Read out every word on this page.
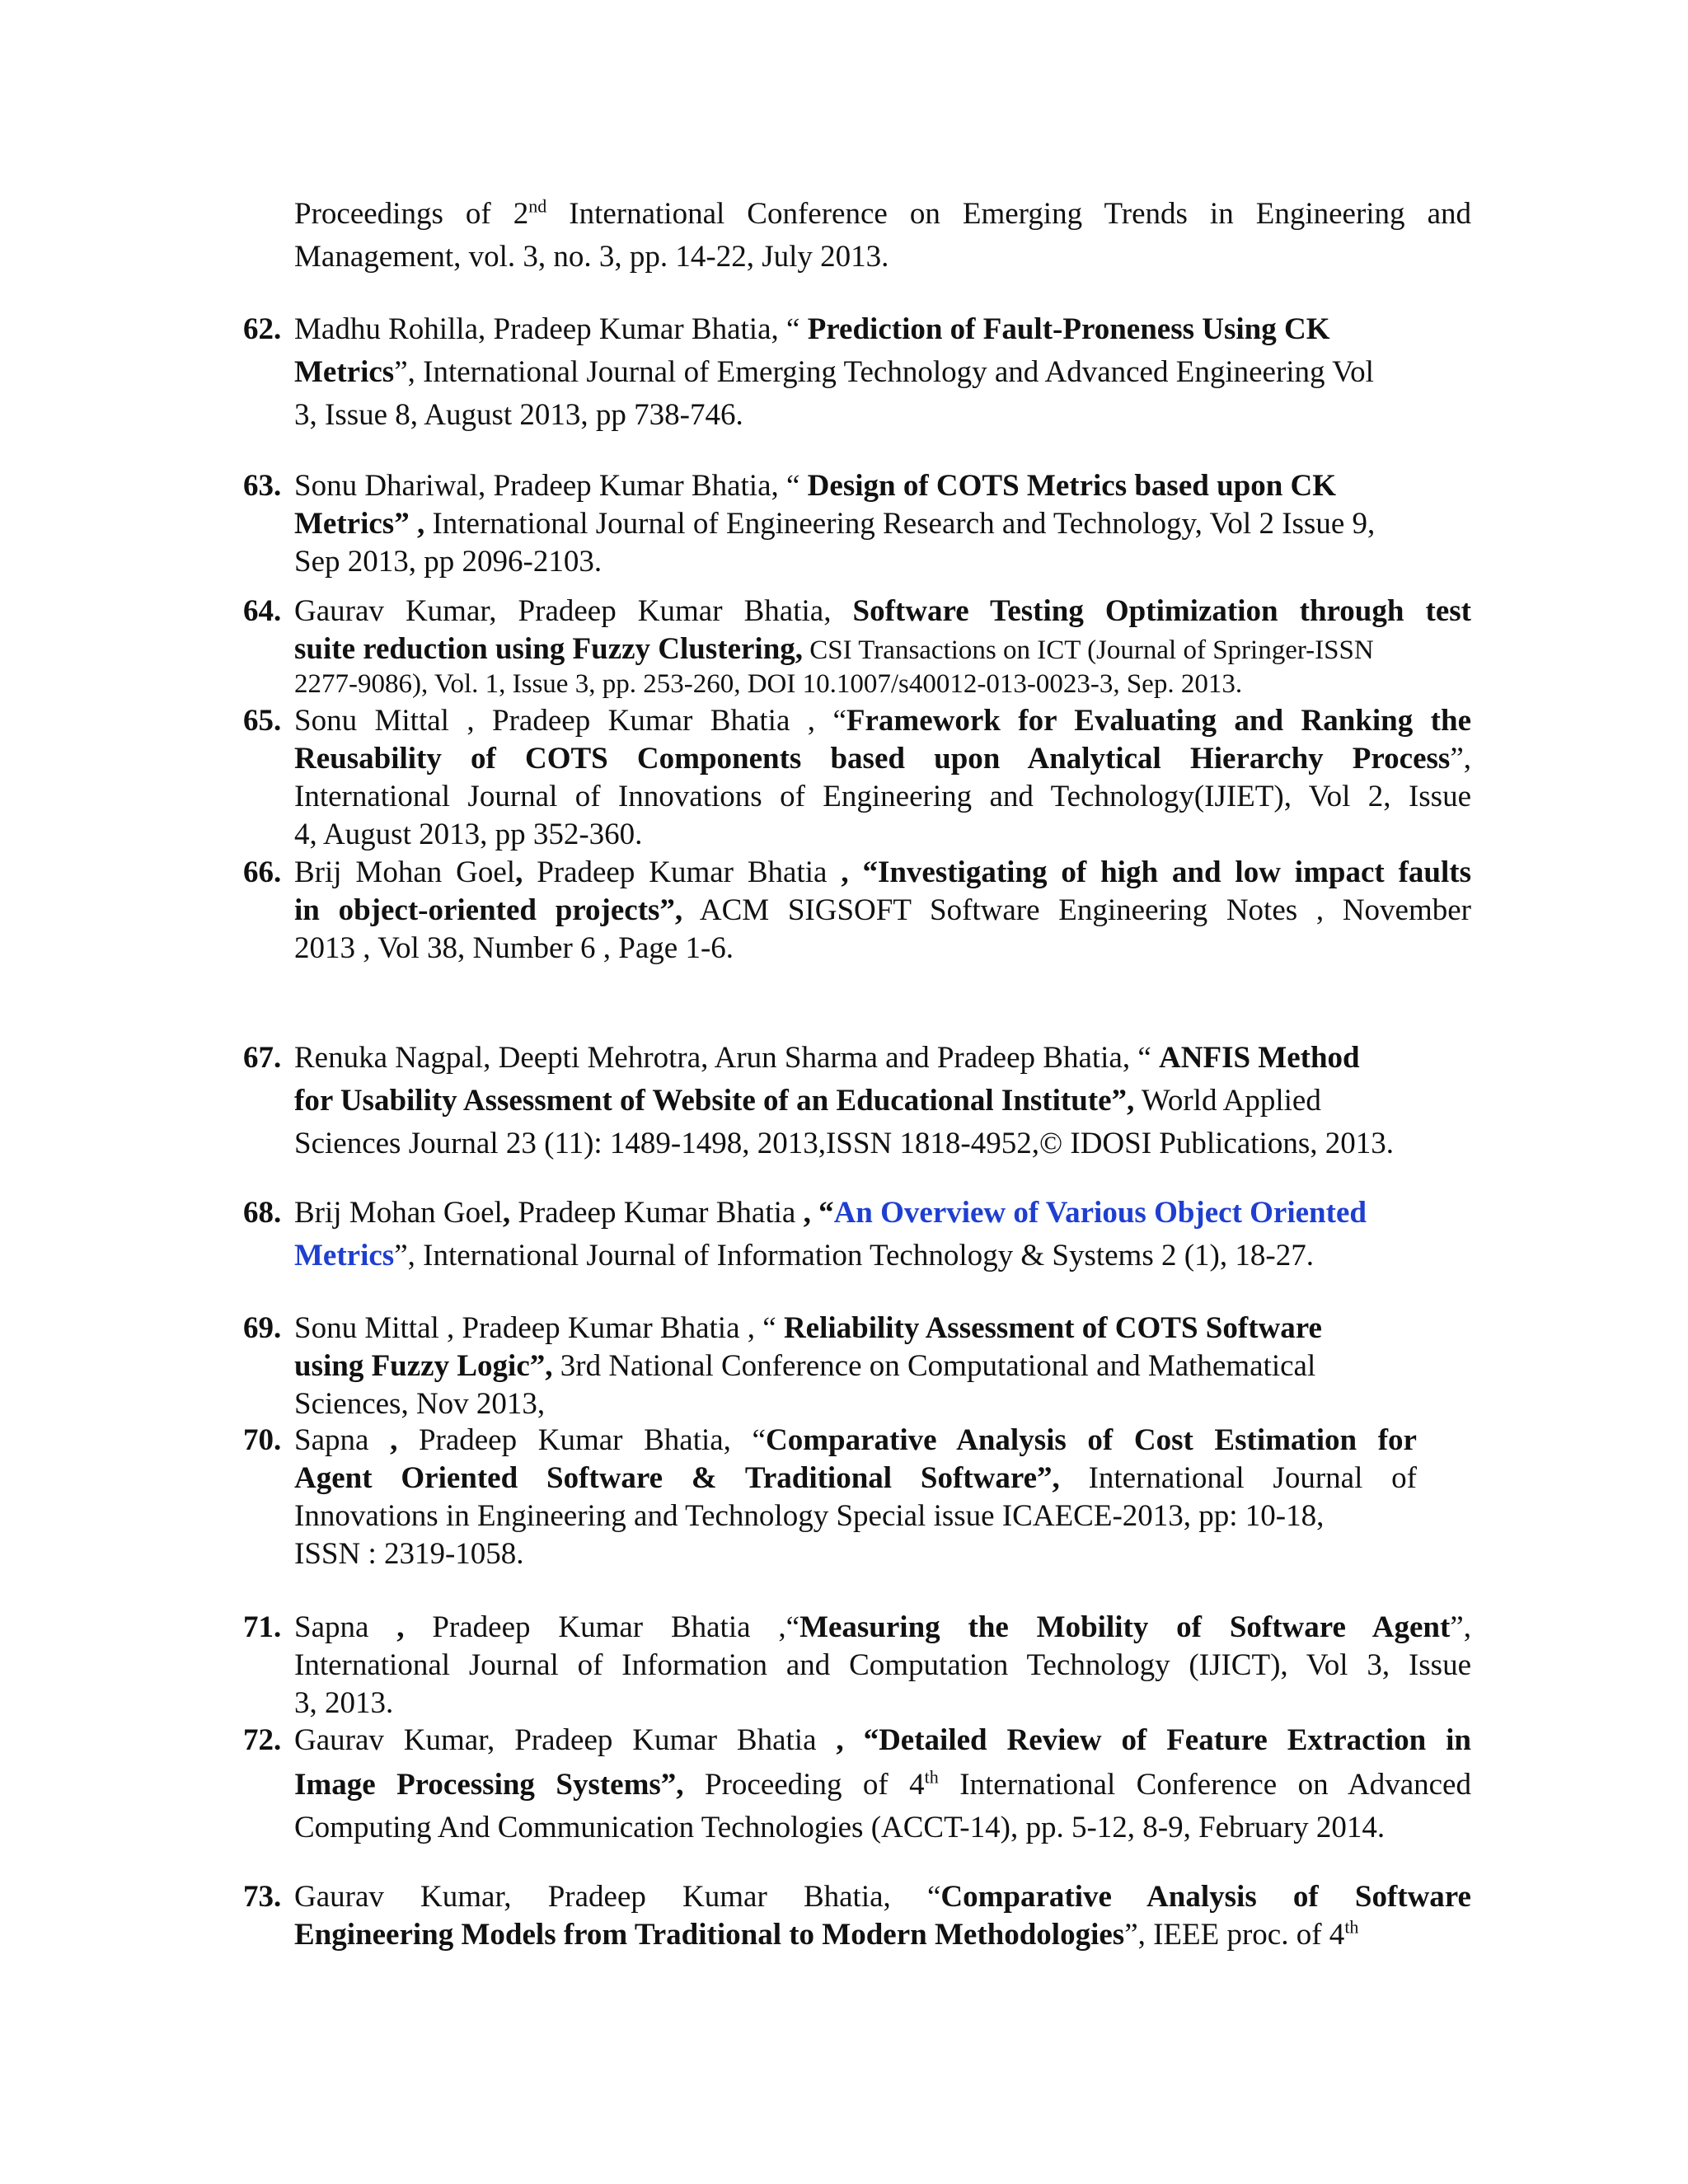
Proceedings of 2nd International Conference on Emerging Trends in Engineering and
Management, vol. 3, no. 3, pp. 14-22, July 2013.
62. Madhu Rohilla, Pradeep Kumar Bhatia, “ Prediction of Fault-Proneness Using CK
Metrics”, International Journal of Emerging Technology and Advanced Engineering Vol
3, Issue 8, August 2013, pp 738-746.
63. Sonu Dhariwal, Pradeep Kumar Bhatia, “ Design of COTS Metrics based upon CK
Metrics” , International Journal of Engineering Research and Technology, Vol 2 Issue 9,
Sep 2013, pp 2096-2103.
64. Gaurav Kumar, Pradeep Kumar Bhatia, Software Testing Optimization through test
suite reduction using Fuzzy Clustering, CSI Transactions on ICT (Journal of Springer-ISSN
2277-9086), Vol. 1, Issue 3, pp. 253-260, DOI 10.1007/s40012-013-0023-3, Sep. 2013.
65. Sonu Mittal , Pradeep Kumar Bhatia , “Framework for Evaluating and Ranking the
Reusability of COTS Components based upon Analytical Hierarchy Process”,
International Journal of Innovations of Engineering and Technology(IJIET), Vol 2, Issue
4, August 2013, pp 352-360.
66. Brij Mohan Goel, Pradeep Kumar Bhatia , “Investigating of high and low impact faults
in object-oriented projects”, ACM SIGSOFT Software Engineering Notes , November
2013 , Vol 38, Number 6 , Page 1-6.
67. Renuka Nagpal, Deepti Mehrotra, Arun Sharma and Pradeep Bhatia, “ ANFIS Method
for Usability Assessment of Website of an Educational Institute”, World Applied
Sciences Journal 23 (11): 1489-1498, 2013,ISSN 1818-4952,© IDOSI Publications, 2013.
68. Brij Mohan Goel, Pradeep Kumar Bhatia , “An Overview of Various Object Oriented
Metrics”, International Journal of Information Technology & Systems 2 (1), 18-27.
69. Sonu Mittal , Pradeep Kumar Bhatia , “ Reliability Assessment of COTS Software
using Fuzzy Logic”, 3rd National Conference on Computational and Mathematical
Sciences, Nov 2013,
70. Sapna , Pradeep Kumar Bhatia, “Comparative Analysis of Cost Estimation for
Agent Oriented Software & Traditional Software”, International Journal of
Innovations in Engineering and Technology Special issue ICAECE-2013, pp: 10-18,
ISSN : 2319-1058.
71. Sapna , Pradeep Kumar Bhatia ,“Measuring the Mobility of Software Agent”,
International Journal of Information and Computation Technology (IJICT), Vol 3, Issue
3, 2013.
72. Gaurav Kumar, Pradeep Kumar Bhatia , “Detailed Review of Feature Extraction in
Image Processing Systems”, Proceeding of 4th International Conference on Advanced
Computing And Communication Technologies (ACCT-14), pp. 5-12, 8-9, February 2014.
73. Gaurav Kumar, Pradeep Kumar Bhatia, “Comparative Analysis of Software
Engineering Models from Traditional to Modern Methodologies”, IEEE proc. of 4th
